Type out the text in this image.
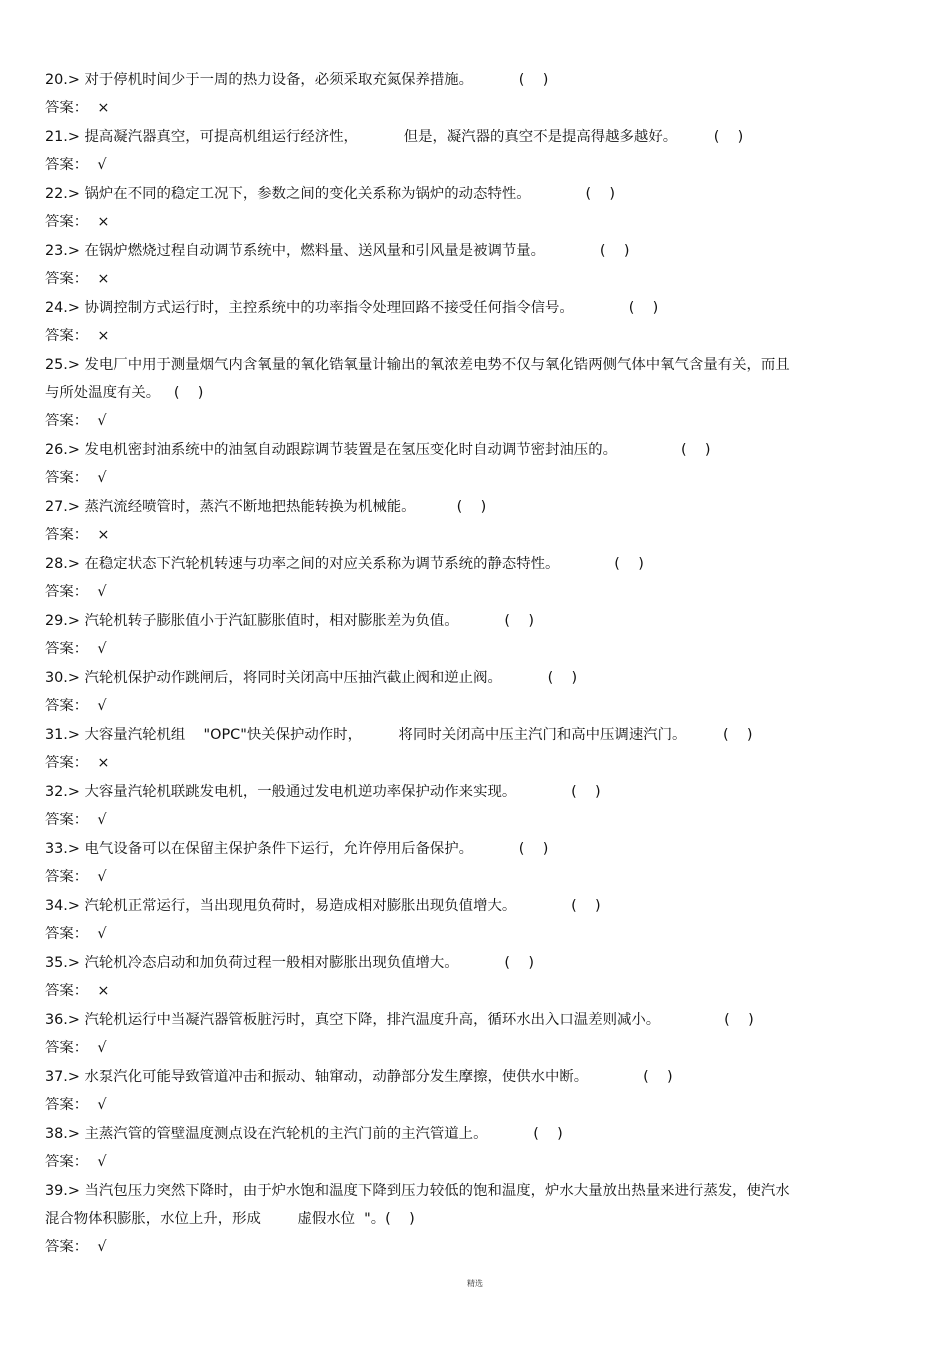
20.> 对于停机时间少于一周的热力设备，必须采取充氮保养措施。          (    )
答案：  ×
21.> 提高凝汽器真空，可提高机组运行经济性，          但是，凝汽器的真空不是提高得越多越好。        (    )
答案：  √
22.> 锅炉在不同的稳定工况下，参数之间的变化关系称为锅炉的动态特性。            (    )
答案：  ×
23.> 在锅炉燃烧过程自动调节系统中，燃料量、送风量和引风量是被调节量。            (    )
答案：  ×
24.> 协调控制方式运行时，主控系统中的功率指令处理回路不接受任何指令信号。            (    )
答案：  ×
25.> 发电厂中用于测量烟气内含氧量的氧化锆氧量计输出的氧浓差电势不仅与氧化锆两侧气体中氧气含量有关，而且
与所处温度有关。   (    )
答案：  √
26.> 发电机密封油系统中的油氢自动跟踪调节装置是在氢压变化时自动调节密封油压的。              (    )
答案：  √
27.> 蒸汽流经喷管时，蒸汽不断地把热能转换为机械能。         (    )
答案：  ×
28.> 在稳定状态下汽轮机转速与功率之间的对应关系称为调节系统的静态特性。            (    )
答案：  √
29.> 汽轮机转子膨胀值小于汽缸膨胀值时，相对膨胀差为负值。          (    )
答案：  √
30.> 汽轮机保护动作跳闸后，将同时关闭高中压抽汽截止阀和逆止阀。          (    )
答案：  √
31.> 大容量汽轮机组    "OPC"快关保护动作时，        将同时关闭高中压主汽门和高中压调速汽门。        (    )
答案：  ×
32.> 大容量汽轮机联跳发电机，一般通过发电机逆功率保护动作来实现。            (    )
答案：  √
33.> 电气设备可以在保留主保护条件下运行，允许停用后备保护。          (    )
答案：  √
34.> 汽轮机正常运行，当出现甩负荷时，易造成相对膨胀出现负值增大。            (    )
答案：  √
35.> 汽轮机冷态启动和加负荷过程一般相对膨胀出现负值增大。          (    )
答案：  ×
36.> 汽轮机运行中当凝汽器管板脏污时，真空下降，排汽温度升高，循环水出入口温差则减小。              (    )
答案：  √
37.> 水泵汽化可能导致管道冲击和振动、轴窜动，动静部分发生摩擦，使供水中断。            (    )
答案：  √
38.> 主蒸汽管的管壁温度测点设在汽轮机的主汽门前的主汽管道上。          (    )
答案：  √
39.> 当汽包压力突然下降时，由于炉水饱和温度下降到压力较低的饱和温度，炉水大量放出热量来进行蒸发，使汽水
混合物体积膨胀，水位上升，形成        虚假水位  "。(    )
答案：  √
精选
